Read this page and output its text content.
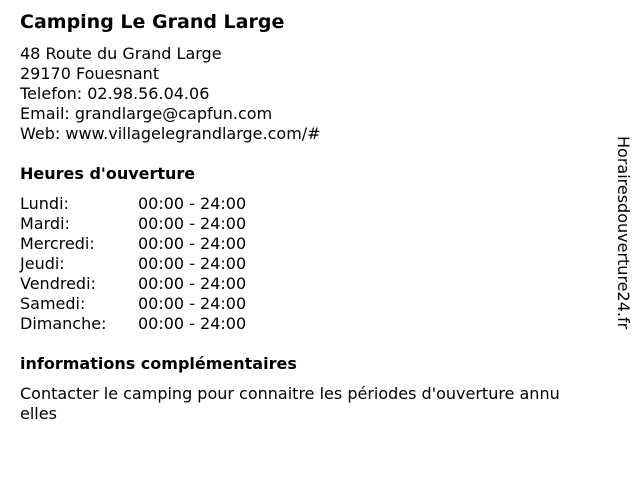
Camping Le Grand Large
48 Route du Grand Large
29170 Fouesnant
Telefon: 02.98.56.04.06
Email: grandlarge@capfun.com
Web: www.villagelegrandlarge.com/#
Heures d'ouverture
Lundi:	00:00 - 24:00
Mardi:	00:00 - 24:00
Mercredi:	00:00 - 24:00
Jeudi:	00:00 - 24:00
Vendredi:	00:00 - 24:00
Samedi:	00:00 - 24:00
Dimanche: 00:00 - 24:00
informations complémentaires
Contacter le camping pour connaitre les périodes d'ouverture annu
elles
Horairesdouverture24.fr
